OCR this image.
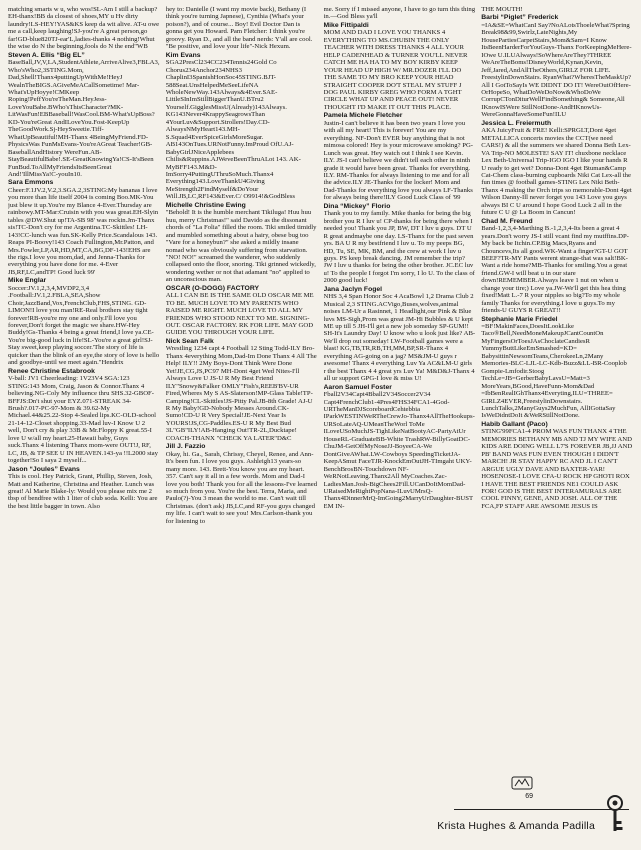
matching smarts w u, who wos!SL-Am I still a backup? EH-thanx!BB da closest of shoes,MY u Hv dirty laundry!LS-HEY!YAS&KS keep da wit alive. AT-u owe me a call,keep laughing!SJ-you're A great person,go far!GD-blue820TJ-ear'L,ladies-thanks 4 nothing!Whut the wise do N the beginning,fools do N the end"WB
Steven A. Ellis “Big EL”
BaseBall,JV,V,LA,StudentAthlete,ArriveAlive3,FBLA3,Who'sWho2,3STING.Mom, Dad,Shell!Thanx4puttingUpWithMe!HeyJ WealnTheBIGS.AGiveMeACallSometime! Mar-What'sUpHoyye!CMKeep Roping!PeffYou'reTheMan.HeyJess-LoveYouBabe.BWho'sThisCharacter?MK-LitWasFun!EBBaseball!WasCool.BM-What'sUpBoss?KD-You'reGreat AndILoveYou.Fost-KeepUp TheGoodWork.Sj-HeySweetie.Tiff-WhatUpBeautiful!MH-Thanx 4BeingMyFriend.FD-PhysicsWas FunMsEvans-You'reAGreat Teacher!GB-BaseballAndHistory WereFun.AB-StayBeautifulBabe!.SE-GreatKnowingYa!CS-It'sBeen FunBud.ToAllMyFriendsItsBeenGreat And!'IllMissYa!C-youIn10.
Sara Emmons
Cheer:F.1JV.2,V.2,3.SGA.2,3STING:My bananas I love you more than life itself 2004 is coming Boo.MK-You just blew it up.You're my Blance 4-Ever.Thursday are rainbowy.MT-Mar:Cruisin with you was great.EH-Slyin tables @DW.Shut up!TA-SB 98' was rockin.Jm-Thanx sis!TC-Don't cry for me Argentina.TC-Skittles! LH-143!CC-lunch was fun.SK-Kelly Price.Scandalous 143. Reaps PI-Boovy!143 Coach Fullington,Mr.Patton, and Mrs.Fowler,LP,AR,HD,MT,CA,BG,DF-143!EHS are the rigs.I love you mom,dad, and Jenna-Thanks for everything you have done for me. 4-Ever JB,RF,LC,andTP! Good luck 99'
Mike Englar
Soccer:JV.1,2,3,4,MVDP2,3,4 .Football:JV.1,2.FBLA,SEA,Show Choir,JazzBand,Vox,FrenchClub,FHS,STING. GD-LIMON!I love you man!RE-Real brothers stay tight forever!RB-you're my one and only.I'll love you forever,Don't forget the magic we share.HW-Hey Buddy!Gs-Thanks 4 being a great friend,I love ya.CE-You're big-good luck in life!SL-You're a great girl!SJ-Stay sweet,keep playing soccer.'The story of life is quicker than the blink of an eye,the story of love is hello and goodbye-until we meet again."Hendrix
Renee Christine Estabrook
V-ball: JV1 Cheerleading: 1V23V4 SGA:123 STING:143 Mom, Craig, Jason & Connor.Thanx 4 believing.NG-Coly My influence thru SHS.32-GBOF-BFFJS:Dn't shut your EYZ.071-STREAK 34-Brush?.017-PC-97-Mom & 39.62-My Michael.44&25.22-Stop 4-Sealed lips.KC-OLD-school 21-14-12-Closet shopping.33-Mad luv-I Know U 2 well, Don't cry & play 33B & Mr.Floppy K great.55-I love U w/all my heart.25-Hawaii baby, Guys suck.Thanx 4 listening Thanx mom-were OUT!J, RF, LC, JB, & TP SEE U IN HEAVEN.143-ya !!L2000 stay together!So I saya 2 myself...
Jason “Joules” Evans
This is cool. Hey Patrick, Grant, Phillip, Steven, Josh, Matt and Katherine, Christina and Heather. Lunch was great! Al Marie Blake-ly: Would you please mix me 2 tbsp of bendfree with 1 liter of club soda. Kelli: You are the best little bagger in town. Also
hey to: Danielle (I want my movie back), Bethany (I think you're turning Japnese), Cynthia (What's your poison?), and of course... Boy! Evil Doctor Dan is gonna get you Howard. Pam Fletcher: I think you're groovy. Ryan D., and all the band nerds: Y'all are cool. "Be positive, and love your life"-Nick Hexum.
Kim Evans
SGA2PresCl234CC234Tennis24Gold Co Chorus234Anchor234NHS3 ChaplinI3SpanishHonSoc45STING.BJT-588Seat.UnsHelpedMeSeeLifeNA WholeNewWay.143Always&4Ever.SAE-LittleSInImStillBiggerThanU.BTru2 Yourself.GigglesMissU(Already)143Always. KG143Never4KrappySeagrowsThan 4YourLuv&Support.Strollers!Day.CD-AlwaysNMyHeart143.MH-S.Squad4EverSpiceGirlsMoreSugar. AB143OnTues.URNotFunny.ImProud OfU.AJ-BabyGirlJNiceApplebees Chilis&Ruppins.AJWeveBeenThruALot 143. AK-MyBFF143.M&D-ImSorry4PuttingUThruSoMuch.Thanx4 Everything143.LoveThankU4Giving MeStrength2FindMyself&DoYour Will.JB,LC,RF143&Ever.C/ O9914!&GodBless
Michelle Christine Ewing
"Behold! It is the humble merchant Tikiluga! Huu huu huu, merry Christmas!" said Davido as the dissonant chords of "La Folia" filled the room. Tiki smiled timidly and mumbled something about a hairy, obese bug too "Vare for a honeybun?" she asked a mildly insane nomad who was obviously suffering from starvation. "NO! NO!" screamed the wanderer, who suddenly collapsed onto the floor, snoring. Tiki grinned wickedly, wondering wether or not that adamant "no" applied to an unconscious man.
OSCAR (O-DOGG) FACTORY
ALL I CAN BE IS THE SAME OLD OSCAR ME ME TO BE. MUCH LOVE TO MY PARENTS WHO RAISED ME RIGHT. MUCH LOVE TO ALL MY FRIENDS WHO STOOD NEXT TO ME. SIGNING-OUT. OSCAR FACTORY. RK FOR LIFE. MAY GOD GUIDE YOU THROUGH YOUR LIFE.
Nick Sean Falk
Wrestling 1234 capt 4 Football 12 Sting Todd-ILY Bro-Thanx 4everything Mom,Dad-Im Done Thanx 4 All The Help! ILY!! 2My Boys-Dont Think Were Done Yet!JE,CG,JS,PC97 MH-Dont 4get Wed Nites-I'll Always Love U JS-U R My Best Friend ILY"Snowy&Falker OMLY"Fish's,REEB'BV-UR Fired,Wheres My S AS-Slaterson!MP-Glass Table!TP-Camping!CL-Skittles!JS-Pitty Pal.JB-8th Grade! AJ-U R My Baby!GD-Nobody Messes Around.CK-Sumo!CD-U R Very Special!JE-Next Year Is YOURS!JS,CG-Paddles.ES-U R My Best Bud 3L"GB"ILY!AB-Hanging Out!TR-2L,Ducktape! COACH-THANX "CHECK YA LATER"D&C
Jill J. Fazzio
Okay, hi. Ga., Sarah, Chrissy, Cheyel, Renee, and Ann- It's been fun. I love you guys. Ashleigh13 years-so many more. 143. Brett-You know you are my heart. 357. Can't say it all in a few words. Mom and Dad-I love you both! Thank you for all the lessons-I've learned so much from you. You're the best. Terra, Maria, and Paulo(?)-You 3 mean the world to me. Can't wait till Christmas. (don't ask) JB,LC,and RF-you guys changed my life. I can't wait to see you! Mrs.Carlson-thank you for listening to
me. Sorry if I missed anyone, I have to go turn this thing in.—God Bless ya'll
Mike Fittipaldi
MOM AND DAD I LOVE YOU THANKS 4 EVERYTHING TO MS.CHUBIN THE ONLY TEACHER WITH DRESS THANKS 4 ALL YOUR HELP CADENHEAD & TURNER YOU'LL NEVER CATCH ME HA HA TO MY BOY KIRBY KEEP YOUR HEAD UP HIGH W/ MR.DOZER I'LL DO THE SAME TO MY BRO KEEP YOUR HEAD STRAIGHT COOPER DO'T STEAL MY STUFF J DOG PAUL KIRBY GREG WHO FORM A TGHT CIRCLE WHAT UP AND PEACE OUT! NEVER THOUGHT I'D MAKE IT OUT THIS PLACE.
Pamela Michele Fletcher
Justin-I can't believe it has been two years I love you with all my heart! This is forever! You are my everything. NF-Don't EVER buy anything that is not mimosa colored! Hey is your microwave smoking? PG-Lunch was great. Hey watch out I think I see Kevin. ILY. JS-I can't believe we didn't tell each other in ninth grade it would have been great. Thanks for everything. ILY. RM-Thanks for always listening to me and for all the advice.ILY JE-Thanks for the locker! Mom and Dad-Thanks for everything love you always LF-Thanks for always being there!ILY Good Luck Class of '99
Dina “Mickey” Florio
Thank you to my family. Mike thanks for being the big brother you R I luv u! CP-thanks for being there when I needed you! Thank you JP, BW, DT I luv u guys. DT U R great andmaybe one day. LS-Thanx for the past seven yrs. BA U R my bestfriend I luv u. To my peeps BG, HD, Tu, SE, MK, BM, and the crew at work I luv u guys. PS keep break dancing. JM remember the trip? JW I luv u thanks for being the other brother. JC.EC luv u! To the people I forgot I'm sorry, I lo U. To the class of 2000 good luck!
Jana Jaclyn Fogel
NHS 3,4 Span Honor Soc 4 AcaBowl 1,2 Drama Club 2 Musical 2,3 STING.ACVigo,Buses,wolves,animal noises LM-Ur a Rasinnet, 1 Headlight,our Pink & Blue luvs MS-Sigh,Prom was great JM-Hi Bubbles & U kept ME up till 5 JH-I'll get a new job someday SP-GUM!! SH-It's Laundry Day! U know who u look just like? AB-We'll drop out someday! LW-Football games were a blast! KG,TB,TR,RB,TH,MM,BP,SR-Thanx 4 everything AG-going on a jag? MS&JM-U guys r awesome! Thanx 4 everything Luv Ya AC&LM-U girls r the best Thanx 4 4 great yrs Luv Ya! M&D&J-Thanx 4 all ur support GPG-I love & miss U!
Aaron Samuel Foster
Fball2V34Capt4Bball2V34Soccer2V34 Capt4FrenchClub1-4Pres4FHS34FCA1-4God-URTheManDJScoreboardCehtebbia IParkWESTINWeRTheCrewJo-Thanx4AllTheHookups-URSoLateAQ-UMeanTheWorl ToMe ILoveUSoMuchJS-TighLikeNatBootyAC-PartyAtUr HouseRL-GraduateBB-White TrashRW-BillyGoatDC-ChuJM-GetOffMyNoseJJ-BoyeeCA-We DontGiveAWhat.LW-Cowboys SpeedingTicketJA-KeepASmut FaceTJR-KnockEmOutJH-TImgaht UKY-BenchBrosBN-Touchdown NF-WeRNotLeaving.Thanx2All MyCoaches.Zac-LadiesMan.Josh-BigChees2Fill.UCanDoItMomDad-URaisedMeRightPopNana-ILuvUMrsQ-Thanx4DinnerMrQ-ImGoing2MarryUrDaughter-BUST EM IN-
THE MOUTH!
Barbi “Piglet” Frederick
=IA&SE=WhatCanI Say?NoALotsThoeleWhat?Spring Break98&99,Swirlz,LateNights,My HousePartiesCarpetStairs,Mom&Sam=I Know ItsBeenHarderForYouGuys-Thanx ForKeepingMeHere-IOwe U.ILUAlways!SoWhereAreThey?THREE WeAreTheBoms!DisneyWorld,Kynan,Kevin, Jeff,Jared,AndAllTheOthers,GIRLZ FOR LIFE. FreestylinDownStairs. RyanWhat?WheresTheMaskUp?All I GotToSayIs WE DIDNT DO IT! WereOutOfHere-OrHopeSo, WhatDoWeDoNow&WhoDoWe CorrupCTonDiturWellFindSomething& Someone,All IKnowISWere StillNotDone-AndHKnowUs-WereGonnaHaveSomeFun!ILU
Jessica L. Freiermuth
AKA JuicyFruit & FRE! Kelli:SPRGLT,Dont 4get METALLICA concerts movies the CCT(we need CARS!) & all the summers we shared Donna Beth Lex-VA Trip-NO MOLESTE! SAY IT! chuxbone necklace Lex Beth-Universal Trip-IGO IGO I like your hands R U ready to get wet? Donna-Dont 4get Btuman&Camp Cat-Chem class-burning cupboards Niki Cat Lex-all the fun times @ football games-STING Lex Niki Beth-Thanx 4 making the Orch trips so memorable-Dont 4get Wilson Danny-Ill never forget you 143 Love you guys always BI C U around I hope Good Luck 2 all in the future C U @ La Boom in Cancun!
Chad M. Freund
Band-1,2,3,4-Marthing B.-1,2,3,4-Its been a great 4 years.Don't worry JS-I still vcant find my mutffins.DP-My back be Itchin.CP.Big Macs,Ryans and Chouncevs,Its all good.WK-Want a finger?GT-U GOT BEEF?TR-MY Pants werent strange-that was salt!BK-Want a ride home?MB-Thanks for smiling.You a great friend.GW-I will beat u in our stare down!REMEMBER.Always leave 1 nut on when u change your tire;) Love ya.JW-We'll get this hea thing fixed!Matt L.-7 R your nipples so big?To my whole family Thanks for everything.I love u guys.To my friends-U GUYS R GREAT!!
Stephanie Marie Friedel
=BF!MakinFaces,DoesItLookLike Taco®Bell,NeedMoneMakeupJCantCountOn MyFingersOrToesJAsChoclateCandiesR YummyButtLikeEmSmashed=KD= BabysittinNewsomTeans,CherokeeLn,2Many Memories-BLC-LJL-LC-Kdb-Buzz&LL-BR-Cooplob Gompie-Lmfodir.Stoog TechLe=JB=GerberBabyLavsU=Matt=3 MoreYears,BGood,HaveFunn-Mom&Dad =IbBenRealIGhThanx4Everyting,ILU=THREE= GIRLZ4EVER,FreestylinDownstairs. LunchTalks,2ManyGuys2MuchFun, AllIGottaSay IsWeDidntDoIt &WeRStillNotDone.
Habib Gallant (Paco)
STING'99FCA1-4 PROM WAS FUN THANX 4 THE MEMORIES BETHANY MB AND TJ MY WIFE AND KIDS ARE DOING WELL L7'S FOREVER JB,JJ AND PB' BAND WAS FUN EVEN THOUGH I DIDN'T MARCH! JR STAY HAPPY RC AND JL I CAN'T ARGUE UGLY DAVE AND BAXTER-YAR! HOSENOSE-I LOVE CFA-U ROCK HP GHOTI ROX I HAVE THE BEST FRIENDS NE1 COULD ASK FOR! GOD IS THE BEST INTERAMURALS ARE COOL FINNY, GENE, AND JOSH. ALL OF THE FCA,FP STAFF ARE AWSOME JESUS IS
69
Krista Hughes & Amanda Padilla
